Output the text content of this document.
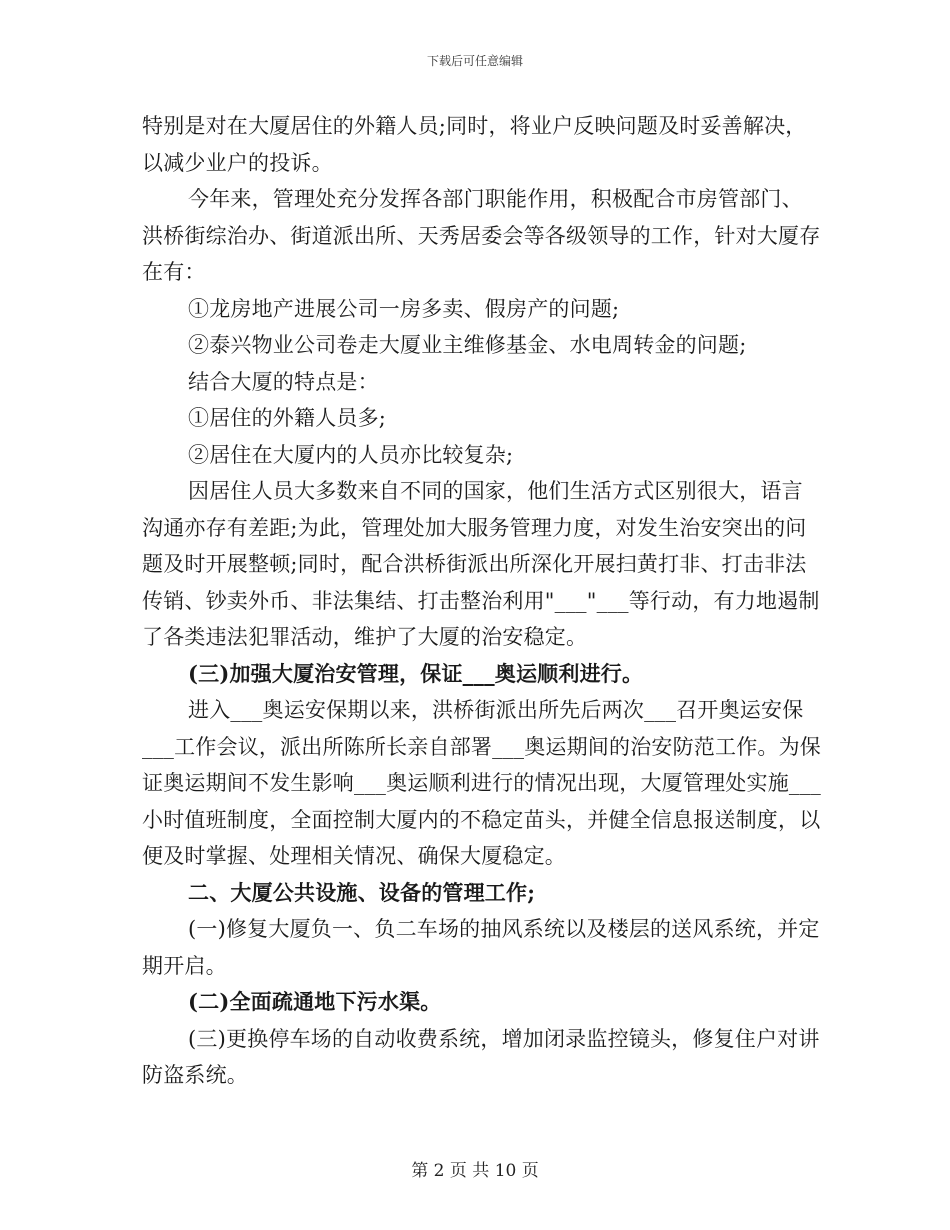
下载后可任意编辑

特别是对在大厦居住的外籍人员;同时，将业户反映问题及时妥善解决，以减少业户的投诉。

今年来，管理处充分发挥各部门职能作用，积极配合市房管部门、洪桥街综治办、街道派出所、天秀居委会等各级领导的工作，针对大厦存在有：

①龙房地产进展公司一房多卖、假房产的问题;

②泰兴物业公司卷走大厦业主维修基金、水电周转金的问题;

结合大厦的特点是：

①居住的外籍人员多;

②居住在大厦内的人员亦比较复杂;

因居住人员大多数来自不同的国家，他们生活方式区别很大，语言沟通亦存有差距;为此，管理处加大服务管理力度，对发生治安突出的问题及时开展整顿;同时，配合洪桥街派出所深化开展扫黄打非、打击非法传销、钞卖外币、非法集结、打击整治利用"___"___等行动，有力地遏制了各类违法犯罪活动，维护了大厦的治安稳定。

(三)加强大厦治安管理，保证___奥运顺利进行。

进入___奥运安保期以来，洪桥街派出所先后两次___召开奥运安保___工作会议，派出所陈所长亲自部署___奥运期间的治安防范工作。为保证奥运期间不发生影响___奥运顺利进行的情况出现，大厦管理处实施___小时值班制度，全面控制大厦内的不稳定苗头，并健全信息报送制度，以便及时掌握、处理相关情况、确保大厦稳定。

二、大厦公共设施、设备的管理工作;

(一)修复大厦负一、负二车场的抽风系统以及楼层的送风系统，并定期开启。

(二)全面疏通地下污水渠。

(三)更换停车场的自动收费系统，增加闭录监控镜头，修复住户对讲防盗系统。

第 2 页 共 10 页
